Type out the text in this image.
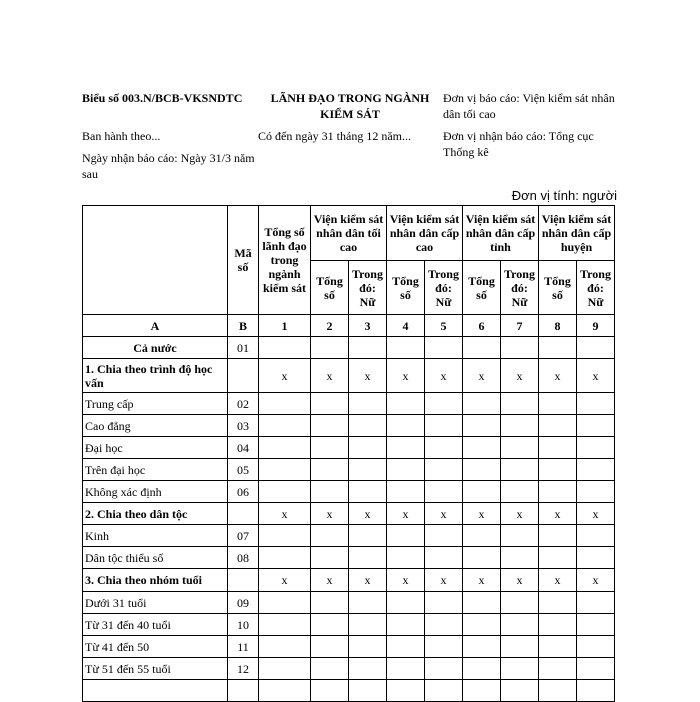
Biểu số 003.N/BCB-VKSNDTC
Ban hành theo...
Ngày nhận báo cáo: Ngày 31/3 năm sau
LÃNH ĐẠO TRONG NGÀNH KIỂM SÁT
Có đến ngày 31 tháng 12 năm...
Đơn vị báo cáo: Viện kiểm sát nhân dân tối cao
Đơn vị nhận báo cáo: Tổng cục Thống kê
Đơn vị tính: người
	Mã số	Tổng số lãnh đạo trong ngành kiểm sát	Viện kiểm sát nhân dân tối cao		Viện kiểm sát nhân dân cấp cao		Viện kiểm sát nhân dân cấp tỉnh		Viện kiểm sát nhân dân cấp huyện	
			Tổng số	Trong đó: Nữ	Tổng số	Trong đó: Nữ	Tổng số	Trong đó: Nữ	Tổng số	Trong đó: Nữ
A	B	1	2	3	4	5	6	7	8	9
Cả nước	01									
1. Chia theo trình độ học vấn		x	x	x	x	x	x	x	x	x
Trung cấp	02									
Cao đẳng	03									
Đại học	04									
Trên đại học	05									
Không xác định	06									
2. Chia theo dân tộc		x	x	x	x	x	x	x	x	x
Kinh	07									
Dân tộc thiểu số	08									
3. Chia theo nhóm tuổi		x	x	x	x	x	x	x	x	x
Dưới 31 tuổi	09									
Từ 31 đến 40 tuổi	10									
Từ 41 đến 50	11									
Từ 51 đến 55 tuổi	12									
